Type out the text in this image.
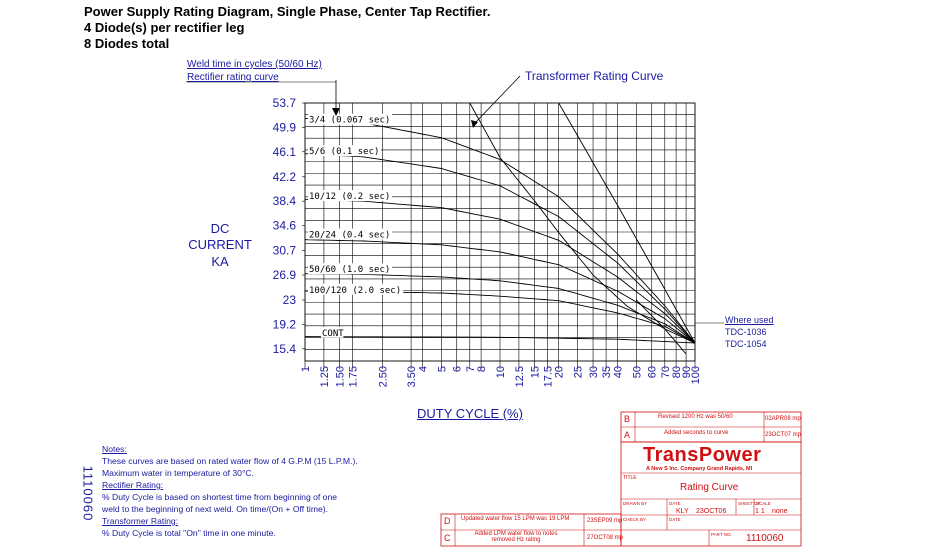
Power Supply Rating Diagram, Single Phase, Center Tap Rectifier.
4 Diode(s) per rectifier leg
8 Diodes total
53.7
49.9
46.1
42.2
38.4
34.6
30.7
26.9
23
19.2
15.4
1 1.25 1.50 1.75 2.50 3.50 4 5 6 7 8 10 12.5 15 17.5 20 25 30 35 40 50 60 70 80
90
100
3/4 (0.067 sec)
5/6 (0.1 sec)
10/12 (0.2 sec)
20/24 (0.4 sec)
50/60 (1.0 sec)
100/120 (2.0 sec)
CONT
Weld time in cycles (50/60 Hz)
Rectifier rating curve	Transformer Rating Curve
DC
CURRENT
KA
DUTY CYCLE (%)
Where used
TDC-1036
TDC-1054
Notes:
These curves are based on rated water flow of 4 G.P.M (15 L.P.M.).
Maximum water in temperature of 30°C.
Rectifier Rating:
% Duty Cycle is based on shortest time from beginning of one
weld to the beginning of next weld. On time/(On + Off time).
Transformer Rating:
% Duty Cycle is total "On" time in one minute.
1110060
B	Revised 1200 Hz was 50/60	02APR08 mp
A	Added seconds to curve	23OCT07 mp
TransPower
A New S Inc. Company Grand Rapids, MI
TITLE
Rating Curve
DRAWN BY
KLY
DATE
23OCT06
SHEET OF
1 1
SCALE
none
CHECK BY	DATE
D Updated water flow 15 LPM was 19 LPM	23SEP09 mp
C	Added LPM water flow to notes removed Hz rating	27OCT08 mp
PART NO. 1110060
